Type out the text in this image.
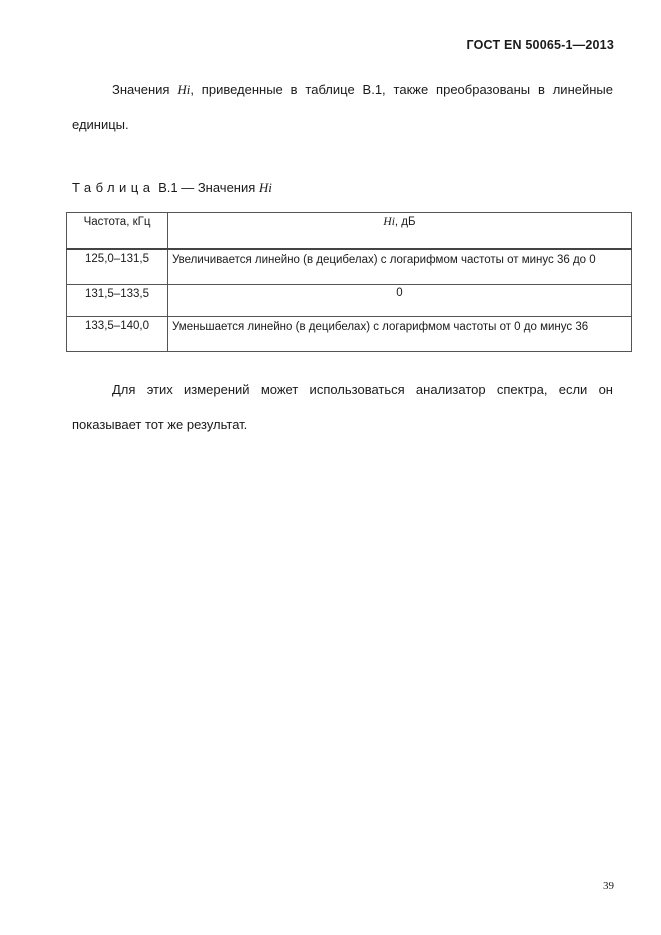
ГОСТ EN 50065-1—2013
Значения Hi, приведенные в таблице В.1, также преобразованы в линейные единицы.
Таблица В.1 — Значения Hi
Частота, кГц	Hi, дБ
125,0–131,5	Увеличивается линейно (в децибелах) с логарифмом частоты от минус 36 до 0
131,5–133,5	0
133,5–140,0	Уменьшается линейно (в децибелах) с логарифмом частоты от 0 до минус 36
Для этих измерений может использоваться анализатор спектра, если он показывает тот же результат.
39
